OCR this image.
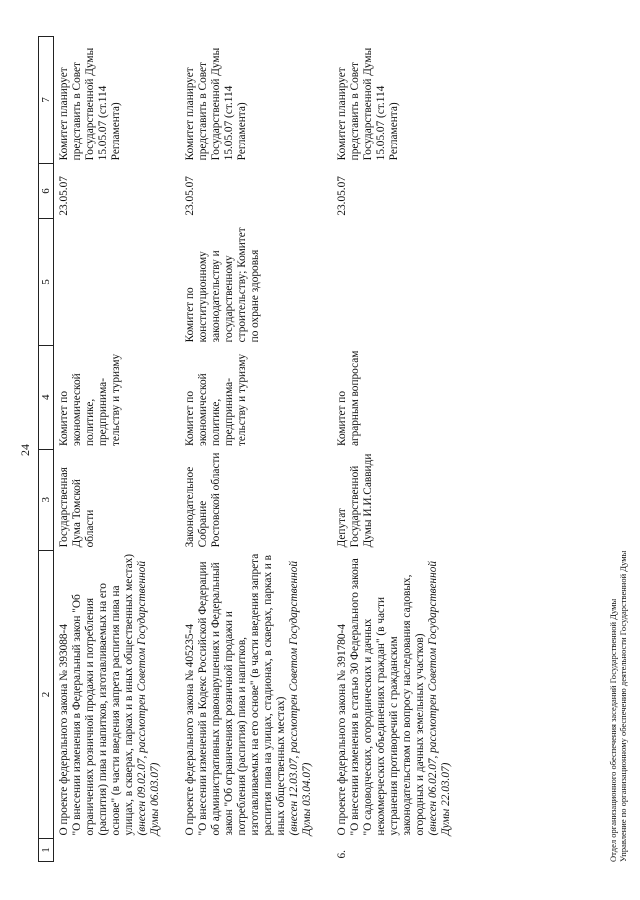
24
1	2	3	4	5	6	7

	О проекте федерального закона № 393088-4 "О внесении изменения в Федеральный закон "Об ограничениях розничной продажи и потребления (распития) пива и напитков, изготавливаемых на его основе" (в части введения запрета распития пива на улицах, в скверах, парках и в иных общественных местах) (внесен 09.02.07, рассмотрен Советом Государственной Думы 06.03.07)	Государственная Дума Томской области	Комитет по экономической политике, предпринима-тельству и туризму		23.05.07	Комитет планирует представить в Совет Государственной Думы 15.05.07 (ст.114 Регламента)

	О проекте федерального закона № 405235-4 "О внесении изменений в Кодекс Российской Федерации об административных правонарушениях и Федеральный закон "Об ограничениях розничной продажи и потребления (распития) пива и напитков, изготавливаемых на его основе" (в части введения запрета распития пива на улицах, стадионах, в скверах, парках и в иных общественных местах) (внесен 12.03.07, рассмотрен Советом Государственной Думы 03.04.07)	Законодательное Собрание Ростовской области	Комитет по экономической политике, предпринима-тельству и туризму	Комитет по конституционному законодательству и государственному строительству; Комитет по охране здоровья	23.05.07	Комитет планирует представить в Совет Государственной Думы 15.05.07 (ст.114 Регламента)
6.	О проекте федерального закона № 391780-4 "О внесении изменения в статью 30 Федерального закона "О садоводческих, огороднических и дачных некоммерческих объединениях граждан" (в части устранения противоречий с гражданским законодательством по вопросу наследования садовых, огородных и дачных земельных участков) (внесен 06.02.07, рассмотрен Советом Государственной Думы 22.03.07)	Депутат Государственной Думы И.И.Саввиди	Комитет по аграрным вопросам		23.05.07	Комитет планирует представить в Совет Государственной Думы 15.05.07 (ст.114 Регламента)
Отдел организационного обеспечения заседаний Государственной Думы Управление по организационному обеспечению деятельности Государственной Думы
